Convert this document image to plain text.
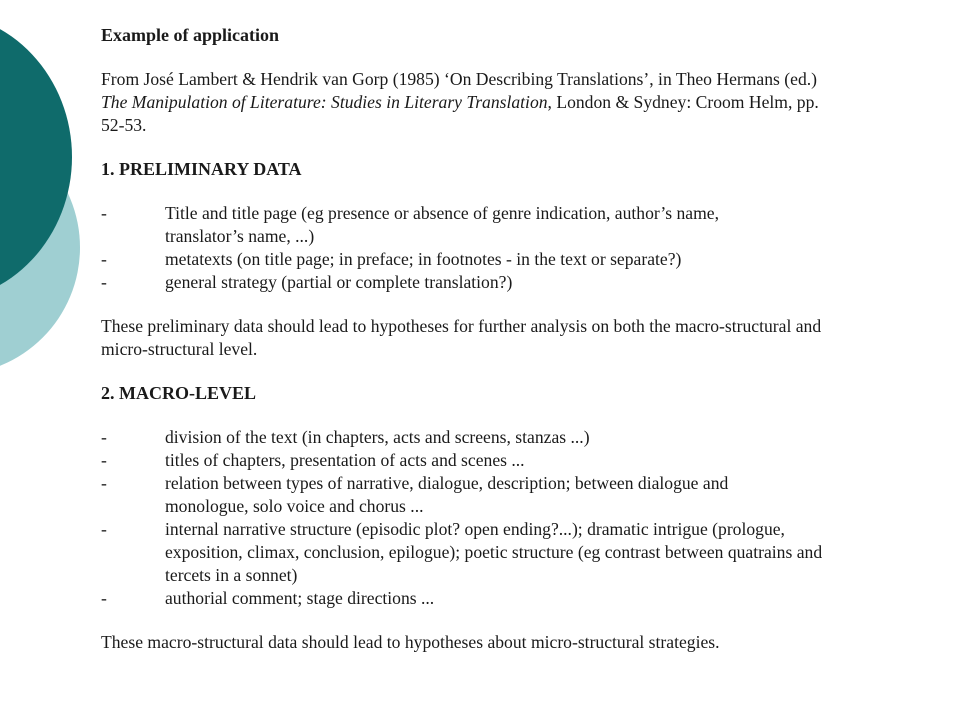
Example of application
From José Lambert & Hendrik van Gorp (1985) ‘On Describing Translations’, in Theo Hermans (ed.)
The Manipulation of Literature: Studies in Literary Translation, London & Sydney: Croom Helm, pp.
52-53.
1. PRELIMINARY DATA
-	Title and title page (eg presence or absence of genre indication, author’s name,
translator’s name, ...)
-	metatexts (on title page; in preface; in footnotes - in the text or separate?)
-	general strategy (partial or complete translation?)
These preliminary data should lead to hypotheses for further analysis on both the macro-structural and
micro-structural level.
2. MACRO-LEVEL
-	division of the text (in chapters, acts and screens, stanzas ...)
-	titles of chapters, presentation of acts and scenes ...
-	relation between types of narrative, dialogue, description; between dialogue and
monologue, solo voice and chorus ...
-	internal narrative structure (episodic plot? open ending?...); dramatic intrigue (prologue,
exposition, climax, conclusion, epilogue); poetic structure (eg contrast between quatrains and
tercets in a sonnet)
-	authorial comment; stage directions ...
These macro-structural data should lead to hypotheses about micro-structural strategies.
